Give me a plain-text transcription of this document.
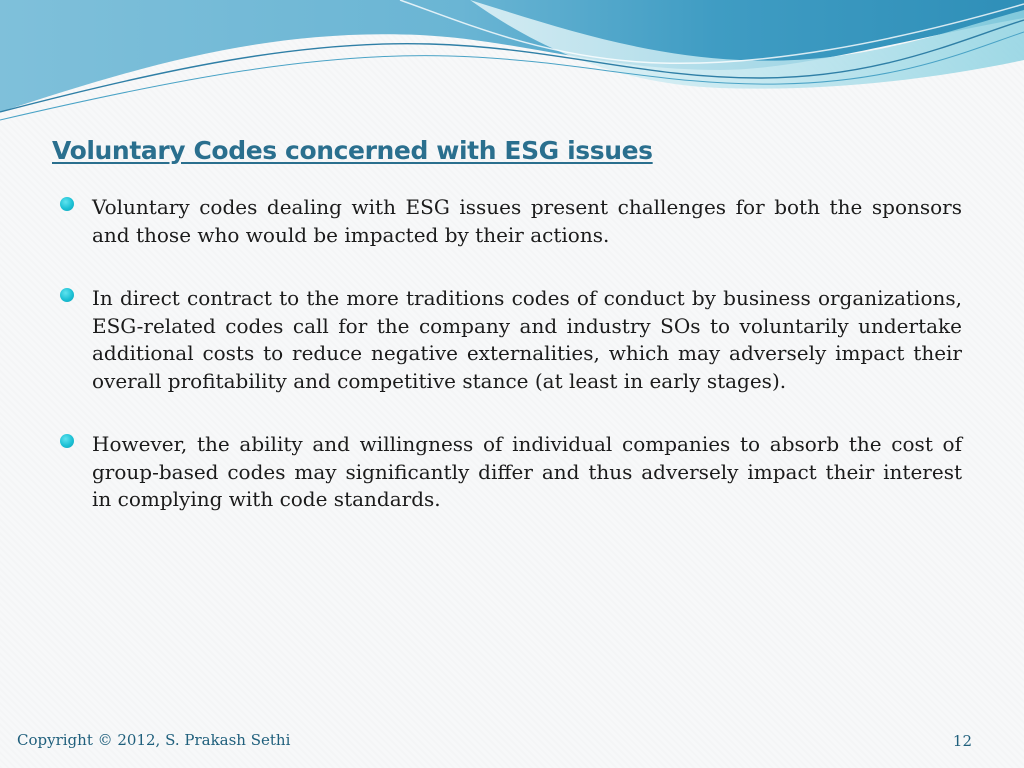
Voluntary Codes concerned with ESG issues
Voluntary codes dealing with ESG issues present challenges for both the sponsors and those who would be impacted by their actions.
In direct contract to the more traditions codes of conduct by business organizations, ESG-related codes call for the company and industry SOs to voluntarily undertake additional costs to reduce negative externalities, which may adversely impact their overall profitability and competitive stance (at least in early stages).
However, the ability and willingness of individual companies to absorb the cost of group-based codes may significantly differ and thus adversely impact their interest in complying with code standards.
Copyright © 2012, S. Prakash Sethi	12
